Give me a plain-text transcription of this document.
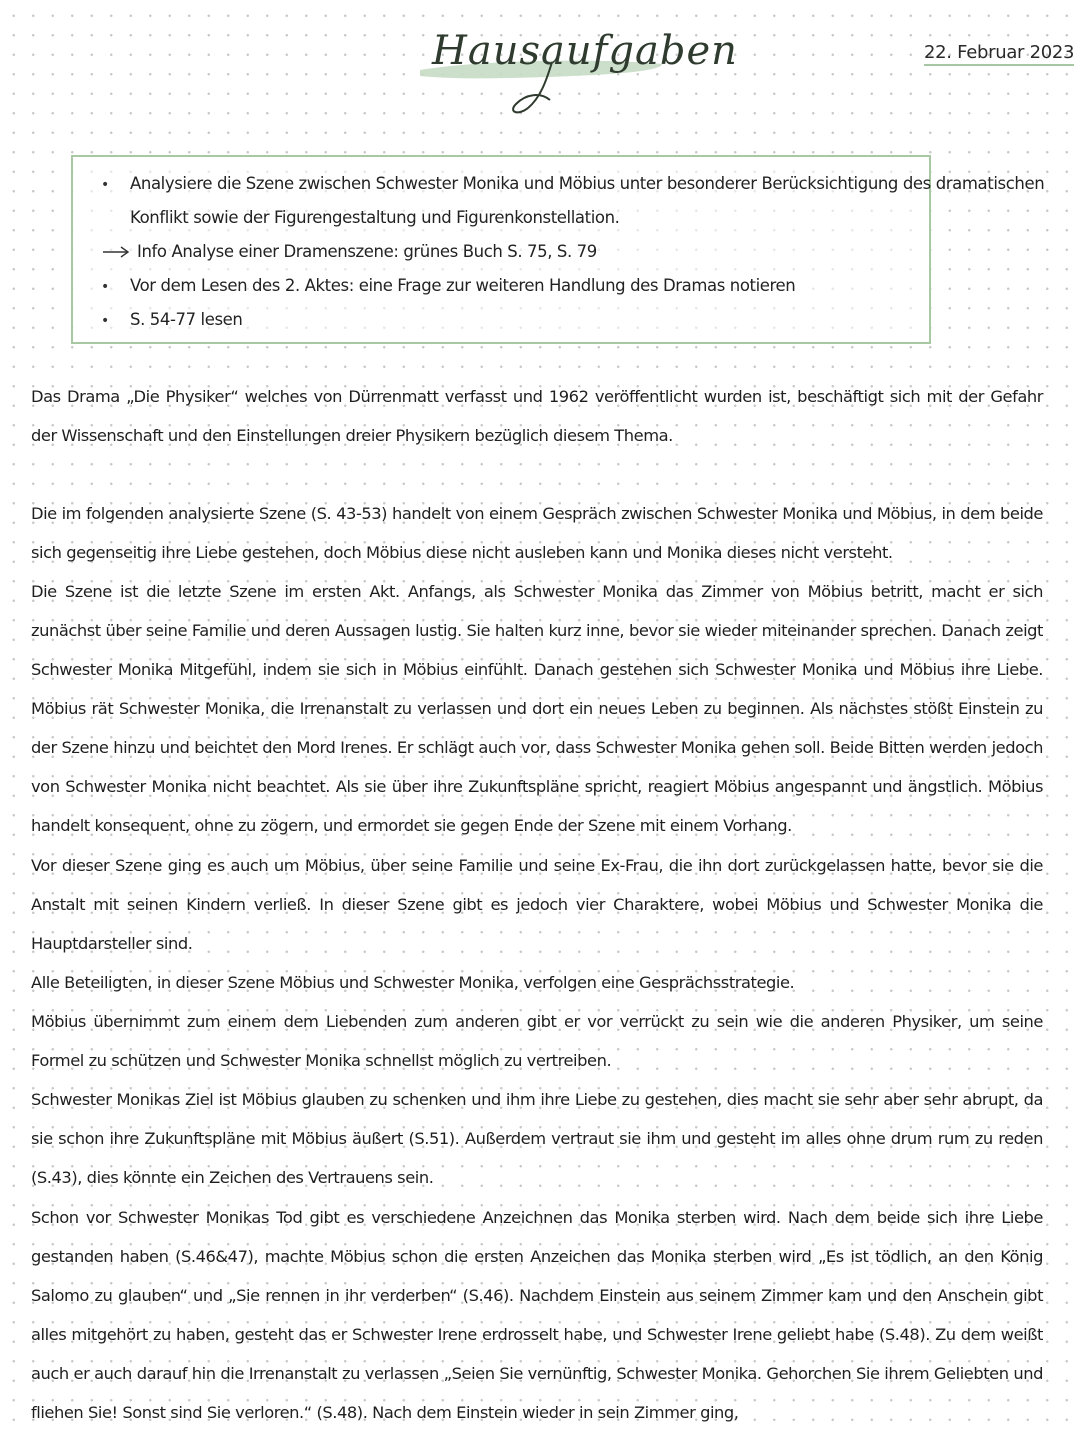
Hausaufgaben	22. Februar 2023
• Analysiere die Szene zwischen Schwester Monika und Möbius unter besonderer Berücksichtigung des dramatischen
Konflikt sowie der Figurengestaltung und Figurenkonstellation.
Info Analyse einer Dramenszene: grünes Buch S. 75, S. 79
• Vor dem Lesen des 2. Aktes: eine Frage zur weiteren Handlung des Dramas notieren
• S. 54-77 lesen

Das Drama „Die Physiker“ welches von Dürrenmatt verfasst und 1962 veröffentlicht wurden ist, beschäftigt sich mit der Gefahr der Wissenschaft und den Einstellungen dreier Physikern bezüglich diesem Thema.

Die im folgenden analysierte Szene (S. 43-53) handelt von einem Gespräch zwischen Schwester Monika und Möbius, in dem beide sich gegenseitig ihre Liebe gestehen, doch Möbius diese nicht ausleben kann und Monika dieses nicht versteht.

Die Szene ist die letzte Szene im ersten Akt. Anfangs, als Schwester Monika das Zimmer von Möbius betritt, macht er sich zunächst über seine Familie und deren Aussagen lustig. Sie halten kurz inne, bevor sie wieder miteinander sprechen. Danach zeigt Schwester Monika Mitgefühl, indem sie sich in Möbius einfühlt. Danach gestehen sich Schwester Monika und Möbius ihre Liebe. Möbius rät Schwester Monika, die Irrenanstalt zu verlassen und dort ein neues Leben zu beginnen. Als nächstes stößt Einstein zu der Szene hinzu und beichtet den Mord Irenes. Er schlägt auch vor, dass Schwester Monika gehen soll. Beide Bitten werden jedoch von Schwester Monika nicht beachtet. Als sie über ihre Zukunftspläne spricht, reagiert Möbius angespannt und ängstlich. Möbius handelt konsequent, ohne zu zögern, und ermordet sie gegen Ende der Szene mit einem Vorhang.

Vor dieser Szene ging es auch um Möbius, über seine Familie und seine Ex-Frau, die ihn dort zurückgelassen hatte, bevor sie die Anstalt mit seinen Kindern verließ. In dieser Szene gibt es jedoch vier Charaktere, wobei Möbius und Schwester Monika die Hauptdarsteller sind.

Alle Beteiligten, in dieser Szene Möbius und Schwester Monika, verfolgen eine Gesprächsstrategie.

Möbius übernimmt zum einem dem Liebenden zum anderen gibt er vor verrückt zu sein wie die anderen Physiker, um seine Formel zu schützen und Schwester Monika schnellst möglich zu vertreiben.

Schwester Monikas Ziel ist Möbius glauben zu schenken und ihm ihre Liebe zu gestehen, dies macht sie sehr aber sehr abrupt, da sie schon ihre Zukunftspläne mit Möbius äußert (S.51). Außerdem vertraut sie ihm und gesteht im alles ohne drum rum zu reden (S.43), dies könnte ein Zeichen des Vertrauens sein.

Schon vor Schwester Monikas Tod gibt es verschiedene Anzeichnen das Monika sterben wird. Nach dem beide sich ihre Liebe gestanden haben (S.46&47), machte Möbius schon die ersten Anzeichen das Monika sterben wird „Es ist tödlich, an den König Salomo zu glauben“ und „Sie rennen in ihr verderben“ (S.46). Nachdem Einstein aus seinem Zimmer kam und den Anschein gibt alles mitgehört zu haben, gesteht das er Schwester Irene erdrosselt habe, und Schwester Irene geliebt habe (S.48). Zu dem weißt auch er auch darauf hin die Irrenanstalt zu verlassen „Seien Sie vernünftig, Schwester Monika. Gehorchen Sie ihrem Geliebten und fliehen Sie! Sonst sind Sie verloren.“ (S.48). Nach dem Einstein wieder in sein Zimmer ging,
